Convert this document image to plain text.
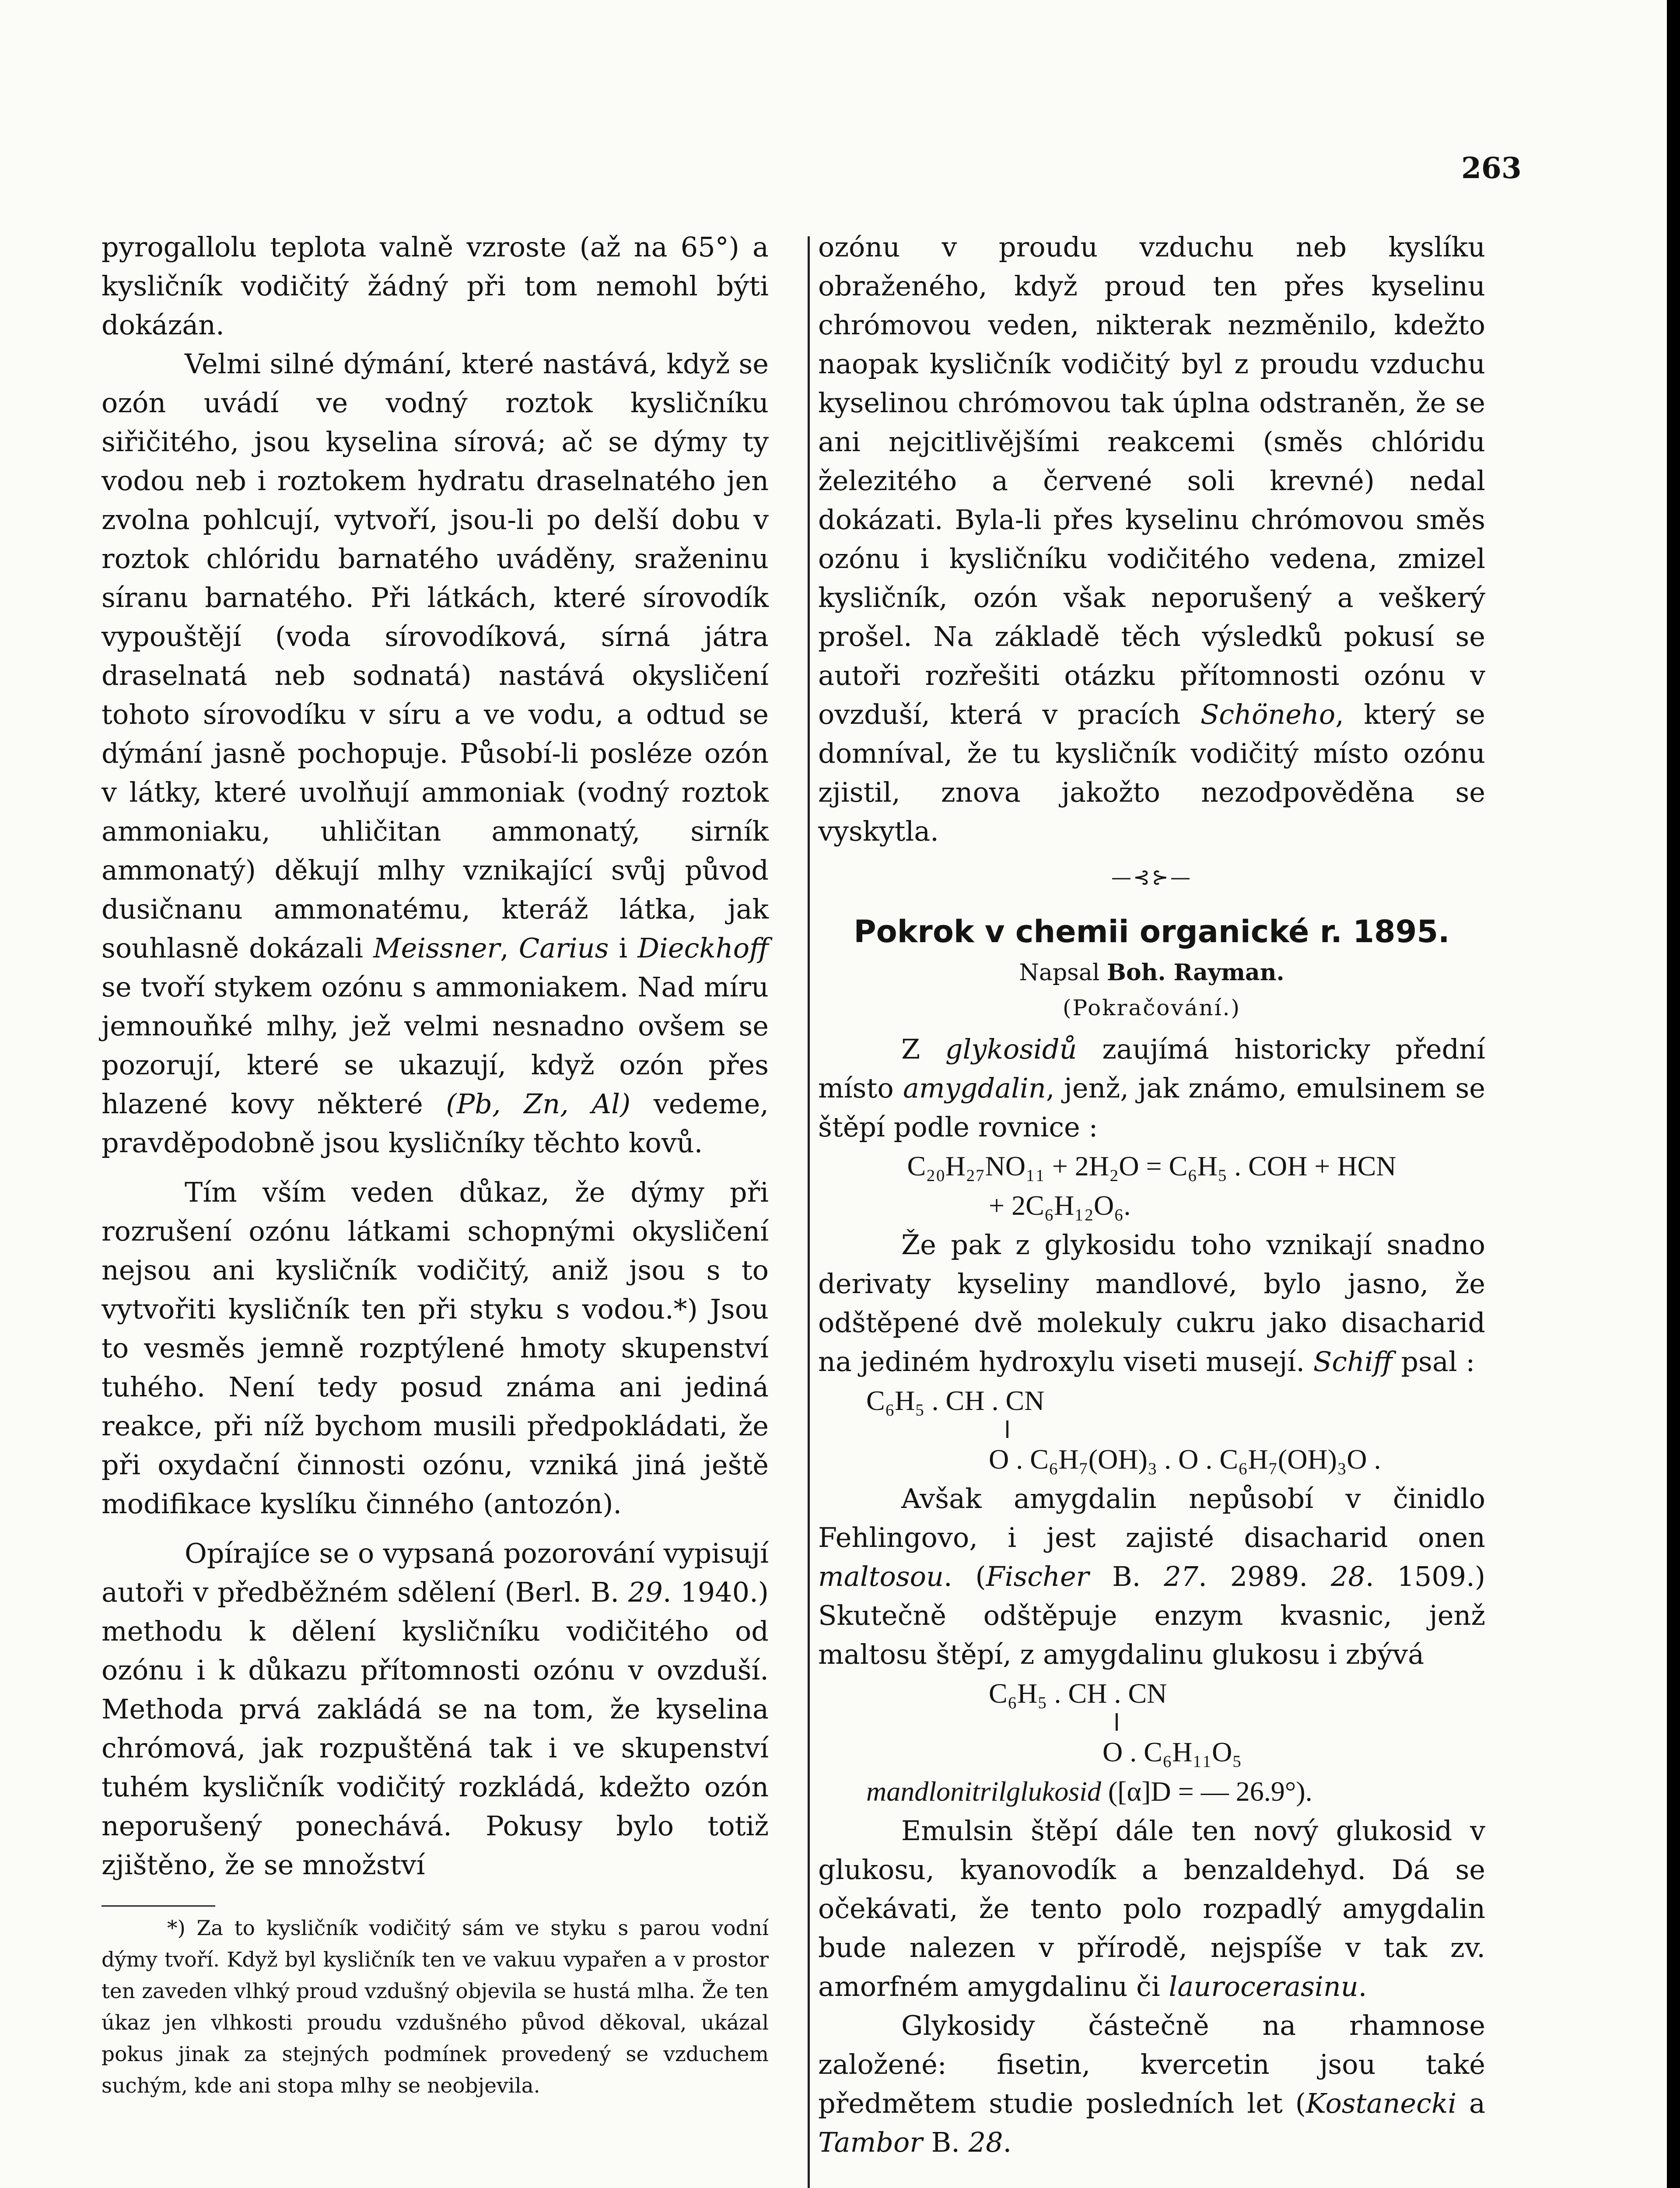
263

pyrogallolu teplota valně vzroste (až na 65°) a kysličník vodičitý žádný při tom nemohl býti dokázán.

Velmi silné dýmání, které nastává, když se ozón uvádí ve vodný roztok kysličníku siřičitého, jsou kyselina sírová; ač se dýmy ty vodou neb i roztokem hydratu draselnatého jen zvolna pohlcují, vytvoří, jsou-li po delší dobu v roztok chlóridu barnatého uváděny, sraženinu síranu barnatého. Při látkách, které sírovodík vypouštějí (voda sírovodíková, sírná játra draselnatá neb sodnatá) nastává okysličení tohoto sírovodíku v síru a ve vodu, a odtud se dýmání jasně pochopuje. Působí-li posléze ozón v látky, které uvolňují ammoniak (vodný roztok ammoniaku, uhličitan ammonatý, sirník ammonatý) děkují mlhy vznikající svůj původ dusičnanu ammonatému, kteráž látka, jak souhlasně dokázali Meissner, Carius i Dieckhoff se tvoří stykem ozónu s ammoniakem. Nad míru jemnouňké mlhy, jež velmi nesnadno ovšem se pozorují, které se ukazují, když ozón přes hlazené kovy některé (Pb, Zn, Al) vedeme, pravděpodobně jsou kysličníky těchto kovů.

Tím vším veden důkaz, že dýmy při rozrušení ozónu látkami schopnými okysličení nejsou ani kysličník vodičitý, aniž jsou s to vytvořiti kysličník ten při styku s vodou.*) Jsou to vesměs jemně rozptýlené hmoty skupenství tuhého. Není tedy posud známa ani jediná reakce, při níž bychom musili předpokládati, že při oxydační činnosti ozónu, vzniká jiná ještě modifikace kyslíku činného (antozón).

Opírajíce se o vypsaná pozorování vypisují autoři v předběžném sdělení (Berl. B. 29. 1940.) methodu k dělení kysličníku vodičitého od ozónu i k důkazu přítomnosti ozónu v ovzduší. Methoda prvá zakládá se na tom, že kyselina chrómová, jak rozpuštěná tak i ve skupenství tuhém kysličník vodičitý rozkládá, kdežto ozón neporušený ponechává. Pokusy bylo totiž zjištěno, že se množství

*) Za to kysličník vodičitý sám ve styku s parou vodní dýmy tvoří. Když byl kysličník ten ve vakuu vypařen a v prostor ten zaveden vlhký proud vzdušný objevila se hustá mlha. Že ten úkaz jen vlhkosti proudu vzdušného původ děkoval, ukázal pokus jinak za stejných podmínek provedený se vzduchem suchým, kde ani stopa mlhy se neobjevila.

ozónu v proudu vzduchu neb kyslíku obraženého, když proud ten přes kyselinu chrómovou veden, nikterak nezměnilo, kdežto naopak kysličník vodičitý byl z proudu vzduchu kyselinou chrómovou tak úplna odstraněn, že se ani nejcitlivějšími reakcemi (směs chlóridu železitého a červené soli krevné) nedal dokázati. Byla-li přes kyselinu chrómovou směs ozónu i kysličníku vodičitého vedena, zmizel kysličník, ozón však neporušený a veškerý prošel. Na základě těch výsledků pokusí se autoři rozřešiti otázku přítomnosti ozónu v ovzduší, která v pracích Schöneho, který se domníval, že tu kysličník vodičitý místo ozónu zjistil, znova jakožto nezodpověděna se vyskytla.

—⊰⊱—
Pokrok v chemii organické r. 1895.
Napsal Boh. Rayman.
(Pokračování.)

Z glykosidů zaujímá historicky přední místo amygdalin, jenž, jak známo, emulsinem se štěpí podle rovnice :

C₂₀H₂₇NO₁₁ + 2H₂O = C₆H₅ . COH + HCN
+ 2C₆H₁₂O₆.

Že pak z glykosidu toho vznikají snadno derivaty kyseliny mandlové, bylo jasno, že odštěpené dvě molekuly cukru jako disacharid na jediném hydroxylu viseti musejí. Schiff psal :

C₆H₅ . CH . CN
O . C₆H₇(OH)₃ . O . C₆H₇(OH)₃O .

Avšak amygdalin nepůsobí v činidlo Fehlingovo, i jest zajisté disacharid onen maltosou. (Fischer B. 27. 2989. 28. 1509.) Skutečně odštěpuje enzym kvasnic, jenž maltosu štěpí, z amygdalinu glukosu i zbývá

C₆H₅ . CH . CN
O . C₆H₁₁O₅
mandlonitrilglukosid ([α]D = — 26.9°).

Emulsin štěpí dále ten nový glukosid v glukosu, kyanovodík a benzaldehyd. Dá se očekávati, že tento polo rozpadlý amygdalin bude nalezen v přírodě, nejspíše v tak zv. amorfném amygdalinu či laurocerasinu.

Glykosidy částečně na rhamnose založené: fisetin, kvercetin jsou také předmětem studie posledních let (Kostanecki a Tambor B. 28.
